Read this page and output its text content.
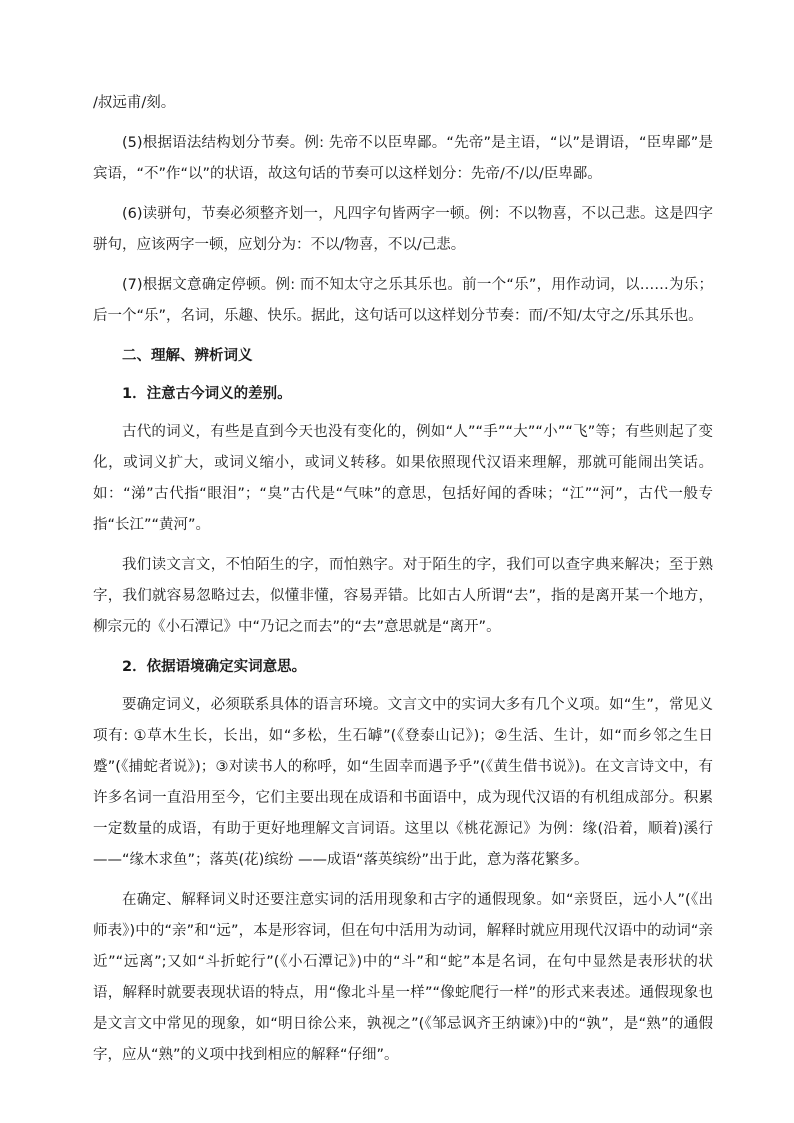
/叔远甫/刻。

(5)根据语法结构划分节奏。例: 先帝不以臣卑鄙。“先帝”是主语，“以”是谓语，“臣卑鄙”是宾语，“不”作“以”的状语，故这句话的节奏可以这样划分：先帝/不/以/臣卑鄙。

(6)读骈句，节奏必须整齐划一，凡四字句皆两字一顿。例：不以物喜，不以己悲。这是四字骈句，应该两字一顿，应划分为：不以/物喜，不以/己悲。

(7)根据文意确定停顿。例: 而不知太守之乐其乐也。前一个“乐”，用作动词，以……为乐；后一个“乐”，名词，乐趣、快乐。据此，这句话可以这样划分节奏：而/不知/太守之/乐其乐也。

二、理解、辨析词义

1．注意古今词义的差别。

古代的词义，有些是直到今天也没有变化的，例如“人”“手”“大”“小”“飞”等；有些则起了变化，或词义扩大，或词义缩小，或词义转移。如果依照现代汉语来理解，那就可能闹出笑话。如：“涕”古代指“眼泪”；“臭”古代是“气味”的意思，包括好闻的香味；“江”“河”，古代一般专指“长江”“黄河”。

我们读文言文，不怕陌生的字，而怕熟字。对于陌生的字，我们可以查字典来解决；至于熟字，我们就容易忽略过去，似懂非懂，容易弄错。比如古人所谓“去”，指的是离开某一个地方，柳宗元的《小石潭记》中“乃记之而去”的“去”意思就是“离开”。

2．依据语境确定实词意思。

要确定词义，必须联系具体的语言环境。文言文中的实词大多有几个义项。如“生”，常见义项有: ①草木生长，长出，如“多松，生石罅”(《登泰山记》)；②生活、生计，如“而乡邻之生日蹙”(《捕蛇者说》)；③对读书人的称呼，如“生固幸而遇予乎”(《黄生借书说》)。在文言诗文中，有许多名词一直沿用至今，它们主要出现在成语和书面语中，成为现代汉语的有机组成部分。积累一定数量的成语，有助于更好地理解文言词语。这里以《桃花源记》为例：缘(沿着，顺着)溪行——“缘木求鱼”；落英(花)缤纷 ——成语“落英缤纷”出于此，意为落花繁多。

在确定、解释词义时还要注意实词的活用现象和古字的通假现象。如“亲贤臣，远小人”(《出师表》)中的“亲”和“远”，本是形容词，但在句中活用为动词，解释时就应用现代汉语中的动词“亲近”“远离”;又如“斗折蛇行”(《小石潭记》)中的“斗”和“蛇”本是名词，在句中显然是表形状的状语，解释时就要表现状语的特点，用“像北斗星一样”“像蛇爬行一样”的形式来表述。通假现象也是文言文中常见的现象，如“明日徐公来，孰视之”(《邹忌讽齐王纳谏》)中的“孰”，是“熟”的通假字，应从“熟”的义项中找到相应的解释“仔细”。
